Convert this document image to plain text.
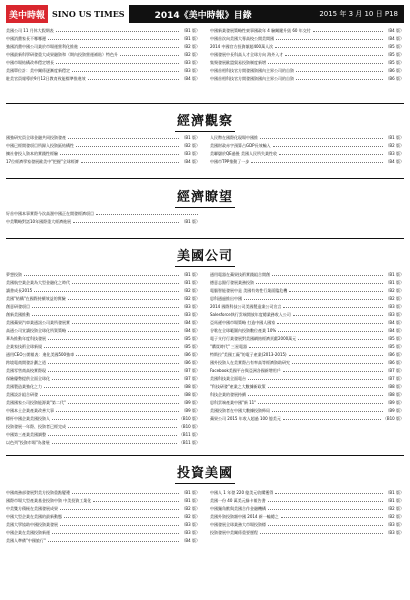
美中時報 SINO US TIMES	2014《美中時報》目錄	2015 年 3 月 10 日 P18
美國公司 11 月休大假期表	（B1 版）
中國消費家長不哪哪邊	（B1 版）
強國消費中國公司業於市場運營利化推進	（B2 版）
中國最新科學研發重大成果融資和（期內投資營運補貼）特色升	（B2 版）
中國市場結構改革穩定增長	（B3 版）
美國單位計：美中關係逐漸度新穩定	（B3 版）
駐美官員報導於9月12日教育致能標準推進效	（B4 版）
中國新業發展策略性東事國政年 4 驗關鍵升級 60 年交付	（B4 版）
中國首次向美國大專高校公開美間國	（B4 版）
2014 中國官方投資額超400萬人次	（B5 版）
中國發展中長科高人才全球方向 海外入才	（B5 版）
集聚發展歐盟貿易投資制度新增	（B5 版）
中國首相科技官方開發國資國內主界公司的自資	（B6 版）
中國首相科技官方開發國資國內主界公司的自資	（B6 版）
經濟觀察
國強研究員全球金融共同投資發產	（B1 版）
中國已經開發項目所歸入投資區結構性	（B2 版）
擴社會投入資本的實踐性經驗	（B3 版）
17位經濟學家發展歐美中"把握"全球經濟	（B4 版）
人民幣在國際化現場中國推	（B1 版）
美國財政赤字預算占GDP長效輸入	（B2 版）
美聯儲於QE過後 美國人民所失業性收	（B3 版）
中國市TPP推動了一步	（B4 版）
經濟瞭望
好首中國本事實際今次高漲中國正在開發經濟項目
中美戰略對話10年國際重大經濟進展	（B1 版）
美國公司
夢想投資	（B1 版）
美國航空業企業為大型金融化之時代	（B1 版）
讀書成長2015	（B2 版）
美國"結構"在國際持續效益的實驗	（B2 版）
創意研發項目	（B3 版）
創新美國推動	（B3 版）
美國蘋果汽車業通訊公司業所發展實	（B4 版）
高通公司宣讀投資全球化所質策略	（B4 版）
華為推動年度科技發展	（B5 版）
企業家技術全球新規	（B5 版）
通用CEO公開報表：進化美國500強車	（B6 版）
跨境電商開發計劃之道	（B6 版）
美國零售商高校實際現	（B7 版）
保險優勢提供全面全球化	（B7 版）
美國製造業強化之力	（B8 版）
美國設計組合研發	（B8 版）
美國國家公司投資能源業"第二代"	（B9 版）
中國本土企業產業改善大事	（B9 版）
標杆中國企業美國投資人	（B10 版）
投資發展一年際、投資者已經完成	（B10 版）
中國第三產業美國調整	（B11 版）
以色列"投資市場"為發展	（B11 版）
通用電器在蘋果技術實踐組合開創	（B1 版）
德意志銀行發展業務投資	（B1 版）
電腦智能發展中是 美國有效性行業面臨危機	（B2 版）
思科通過推出中國	（B2 版）
2014 國際科技公司美國製造業公司宣言	（B3 版）
Salesforce執行雲端開放年度總業務收入公司	（B3 版）
亞馬遜中國市場策略 打造中國人國家	（B4 版）
谷歌在全球範圍內投資數位產業 10%	（B4 版）
電子支付行業發展對美國網絡經濟貢獻2000萬元	（B5 版）
"購買時代" 三星電器	（B5 版）
特斯拉"美國工廠"的電子產業(2013-2015)	（B6 版）
國外投資人在美實際占有率高等經濟資助研究	（B6 版）
Facebook美國平台與亞洲各國新增用戶	（B7 版）
美國科技業全面電台	（B7 版）
"科技研發"產業之大數據新政策	（B8 版）
科技企業的發展持續	（B8 版）
思科雲端產業中國"新 11"	（B9 版）
美國投資者在中國大數據投資佈局	（B9 版）
蘋果公司 2015 年收入超過 100 億美元	（B10 版）
投資美國
中國商務部發展對美方投資重點變遷	（B1 版）
國際市場大型產業基金投資中資 中美投資工業化	（B1 版）
中美雙方積極在美國發展成果	（B2 版）
中國大型企業在美國的最新動態	（B2 版）
美國大學協助中國投資業發展	（B3 版）
中國企業在美國投資新運	（B3 版）
美國人準備"中國旅行"	（B4 版）
中國人 1 年發 220 億美元收購獲得	（B1 版）
美國一份 40 萬美元綠卡報告書	（B1 版）
中國獨角獸與美國合作金融機構	（B2 版）
美國外資投資額中國 2014 新一輪總之	（B2 版）
中國發展全球業務大市場投資標	（B3 版）
投資發展中美關係重要歷程	（B3 版）
